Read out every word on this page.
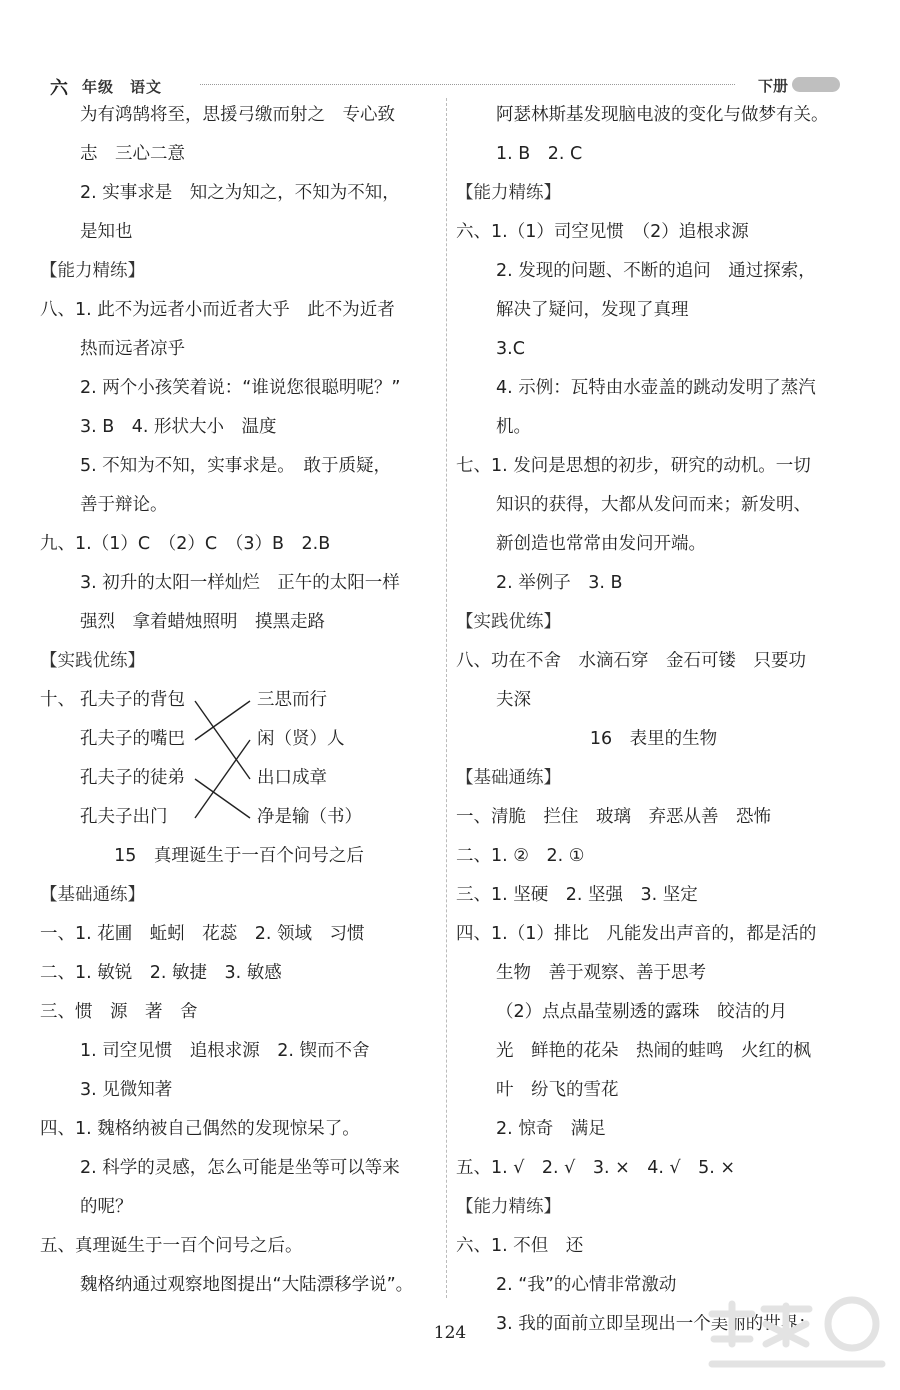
六 年级　语文	下册
为有鸿鹄将至，思援弓缴而射之　专心致
志　三心二意
2. 实事求是　知之为知之，不知为不知，
是知也
【能力精练】
八、1. 此不为远者小而近者大乎　此不为近者
热而远者凉乎
2. 两个小孩笑着说：“谁说您很聪明呢？”
3. B　4. 形状大小　温度
5. 不知为不知，实事求是。　敢于质疑，
善于辩论。
九、1.（1）C　（2）C　（3）B　2.B
3. 初升的太阳一样灿烂　正午的太阳一样
强烈　拿着蜡烛照明　摸黑走路
【实践优练】
十、 孔夫子的背包
孔夫子的嘴巴
孔夫子的徒弟
孔夫子出门
三思而行
闲（贤）人
出口成章
净是输（书）
15　真理诞生于一百个问号之后
【基础通练】
一、1. 花圃　蚯蚓　花蕊　2. 领域　习惯
二、1. 敏锐　2. 敏捷　3. 敏感
三、惯　源　著　舍
1. 司空见惯　追根求源　2. 锲而不舍
3. 见微知著
四、1. 魏格纳被自己偶然的发现惊呆了。
2. 科学的灵感，怎么可能是坐等可以等来
的呢？
五、真理诞生于一百个问号之后。
魏格纳通过观察地图提出“大陆漂移学说”。
阿瑟林斯基发现脑电波的变化与做梦有关。
1. B　2. C
【能力精练】
六、1.（1）司空见惯　（2）追根求源
2. 发现的问题、不断的追问　通过探索，
解决了疑问，发现了真理
3.C
4. 示例：瓦特由水壶盖的跳动发明了蒸汽
机。
七、1. 发问是思想的初步，研究的动机。一切
知识的获得，大都从发问而来；新发明、
新创造也常常由发问开端。
2. 举例子　3. B
【实践优练】
八、功在不舍　水滴石穿　金石可镂　只要功
夫深
16　表里的生物
【基础通练】
一、清脆　拦住　玻璃　弃恶从善　恐怖
二、1. ②　2. ①
三、1. 坚硬　2. 坚强　3. 坚定
四、1.（1）排比　凡能发出声音的，都是活的
生物　善于观察、善于思考
（2）点点晶莹剔透的露珠　皎洁的月
光　鲜艳的花朵　热闹的蛙鸣　火红的枫
叶　纷飞的雪花
2. 惊奇　满足
五、1. √　2. √　3. ×　4. √　5. ×
【能力精练】
六、1. 不但　还
2. “我”的心情非常激动
3. 我的面前立即呈现出一个美丽的世界：
124
